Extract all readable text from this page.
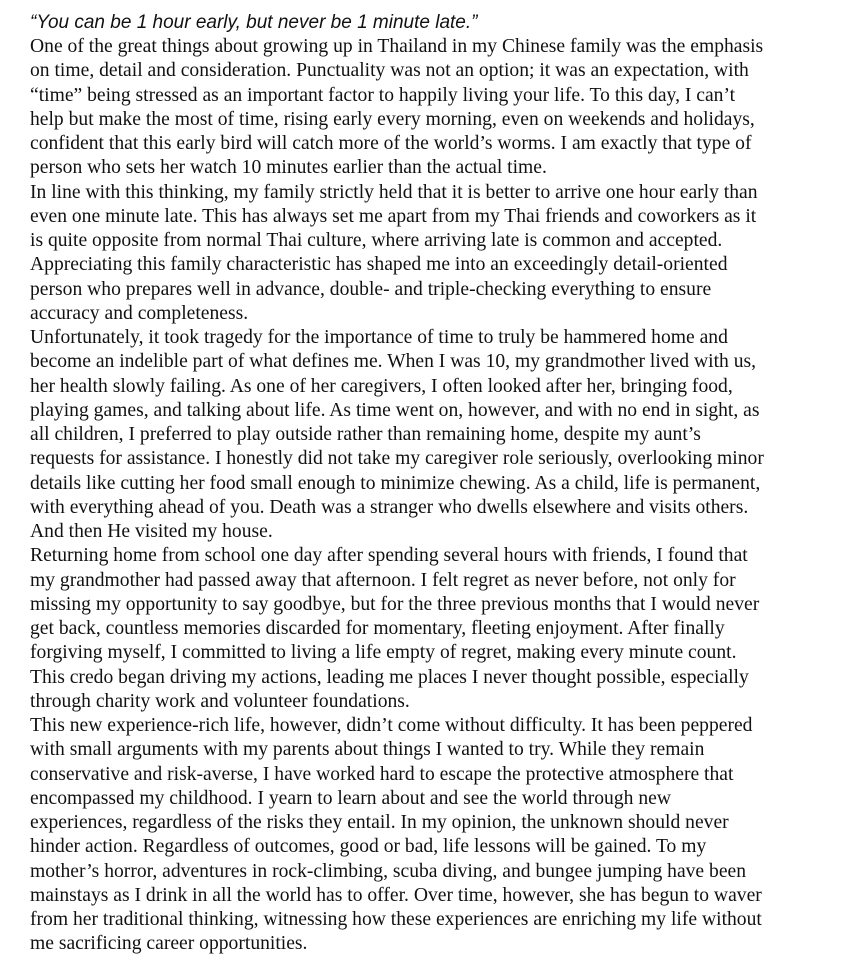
“You can be 1 hour early, but never be 1 minute late.”

One of the great things about growing up in Thailand in my Chinese family was the emphasis
on time, detail and consideration. Punctuality was not an option; it was an expectation, with
“time” being stressed as an important factor to happily living your life. To this day, I can’t
help but make the most of time, rising early every morning, even on weekends and holidays,
confident that this early bird will catch more of the world’s worms. I am exactly that type of
person who sets her watch 10 minutes earlier than the actual time.

In line with this thinking, my family strictly held that it is better to arrive one hour early than
even one minute late. This has always set me apart from my Thai friends and coworkers as it
is quite opposite from normal Thai culture, where arriving late is common and accepted.
Appreciating this family characteristic has shaped me into an exceedingly detail-oriented
person who prepares well in advance, double- and triple-checking everything to ensure
accuracy and completeness.

Unfortunately, it took tragedy for the importance of time to truly be hammered home and
become an indelible part of what defines me. When I was 10, my grandmother lived with us,
her health slowly failing. As one of her caregivers, I often looked after her, bringing food,
playing games, and talking about life. As time went on, however, and with no end in sight, as
all children, I preferred to play outside rather than remaining home, despite my aunt’s
requests for assistance. I honestly did not take my caregiver role seriously, overlooking minor
details like cutting her food small enough to minimize chewing. As a child, life is permanent,
with everything ahead of you. Death was a stranger who dwells elsewhere and visits others.
And then He visited my house.

Returning home from school one day after spending several hours with friends, I found that
my grandmother had passed away that afternoon. I felt regret as never before, not only for
missing my opportunity to say goodbye, but for the three previous months that I would never
get back, countless memories discarded for momentary, fleeting enjoyment. After finally
forgiving myself, I committed to living a life empty of regret, making every minute count.
This credo began driving my actions, leading me places I never thought possible, especially
through charity work and volunteer foundations.

This new experience-rich life, however, didn’t come without difficulty. It has been peppered
with small arguments with my parents about things I wanted to try. While they remain
conservative and risk-averse, I have worked hard to escape the protective atmosphere that
encompassed my childhood. I yearn to learn about and see the world through new
experiences, regardless of the risks they entail. In my opinion, the unknown should never
hinder action. Regardless of outcomes, good or bad, life lessons will be gained. To my
mother’s horror, adventures in rock-climbing, scuba diving, and bungee jumping have been
mainstays as I drink in all the world has to offer. Over time, however, she has begun to waver
from her traditional thinking, witnessing how these experiences are enriching my life without
me sacrificing career opportunities.
